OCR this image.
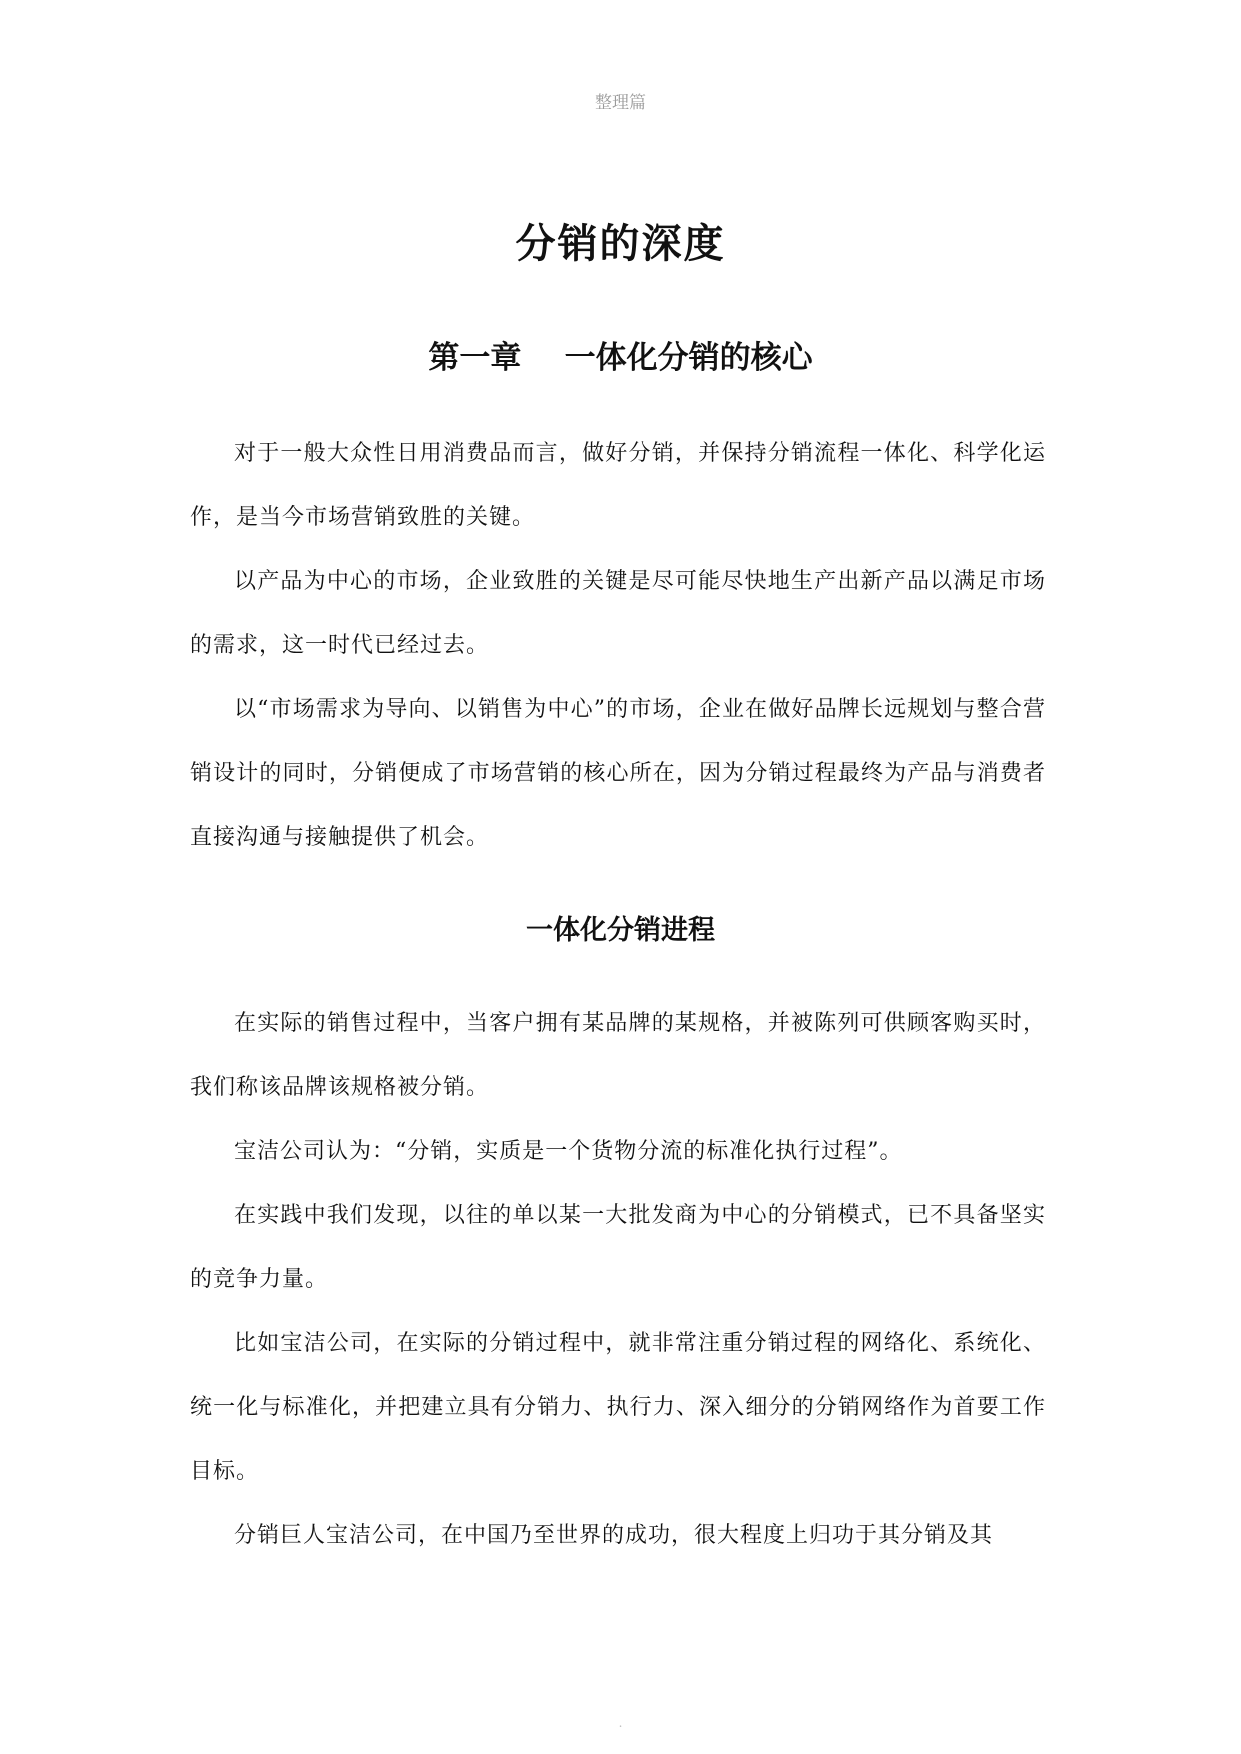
整理篇
分销的深度
第一章    一体化分销的核心

对于一般大众性日用消费品而言，做好分销，并保持分销流程一体化、科学化运作，是当今市场营销致胜的关键。

以产品为中心的市场，企业致胜的关键是尽可能尽快地生产出新产品以满足市场的需求，这一时代已经过去。

以“市场需求为导向、以销售为中心”的市场，企业在做好品牌长远规划与整合营销设计的同时，分销便成了市场营销的核心所在，因为分销过程最终为产品与消费者直接沟通与接触提供了机会。

一体化分销进程

在实际的销售过程中，当客户拥有某品牌的某规格，并被陈列可供顾客购买时，我们称该品牌该规格被分销。

宝洁公司认为：“分销，实质是一个货物分流的标准化执行过程”。

在实践中我们发现，以往的单以某一大批发商为中心的分销模式，已不具备坚实的竞争力量。

比如宝洁公司，在实际的分销过程中，就非常注重分销过程的网络化、系统化、统一化与标准化，并把建立具有分销力、执行力、深入细分的分销网络作为首要工作目标。

分销巨人宝洁公司，在中国乃至世界的成功，很大程度上归功于其分销及其

.
